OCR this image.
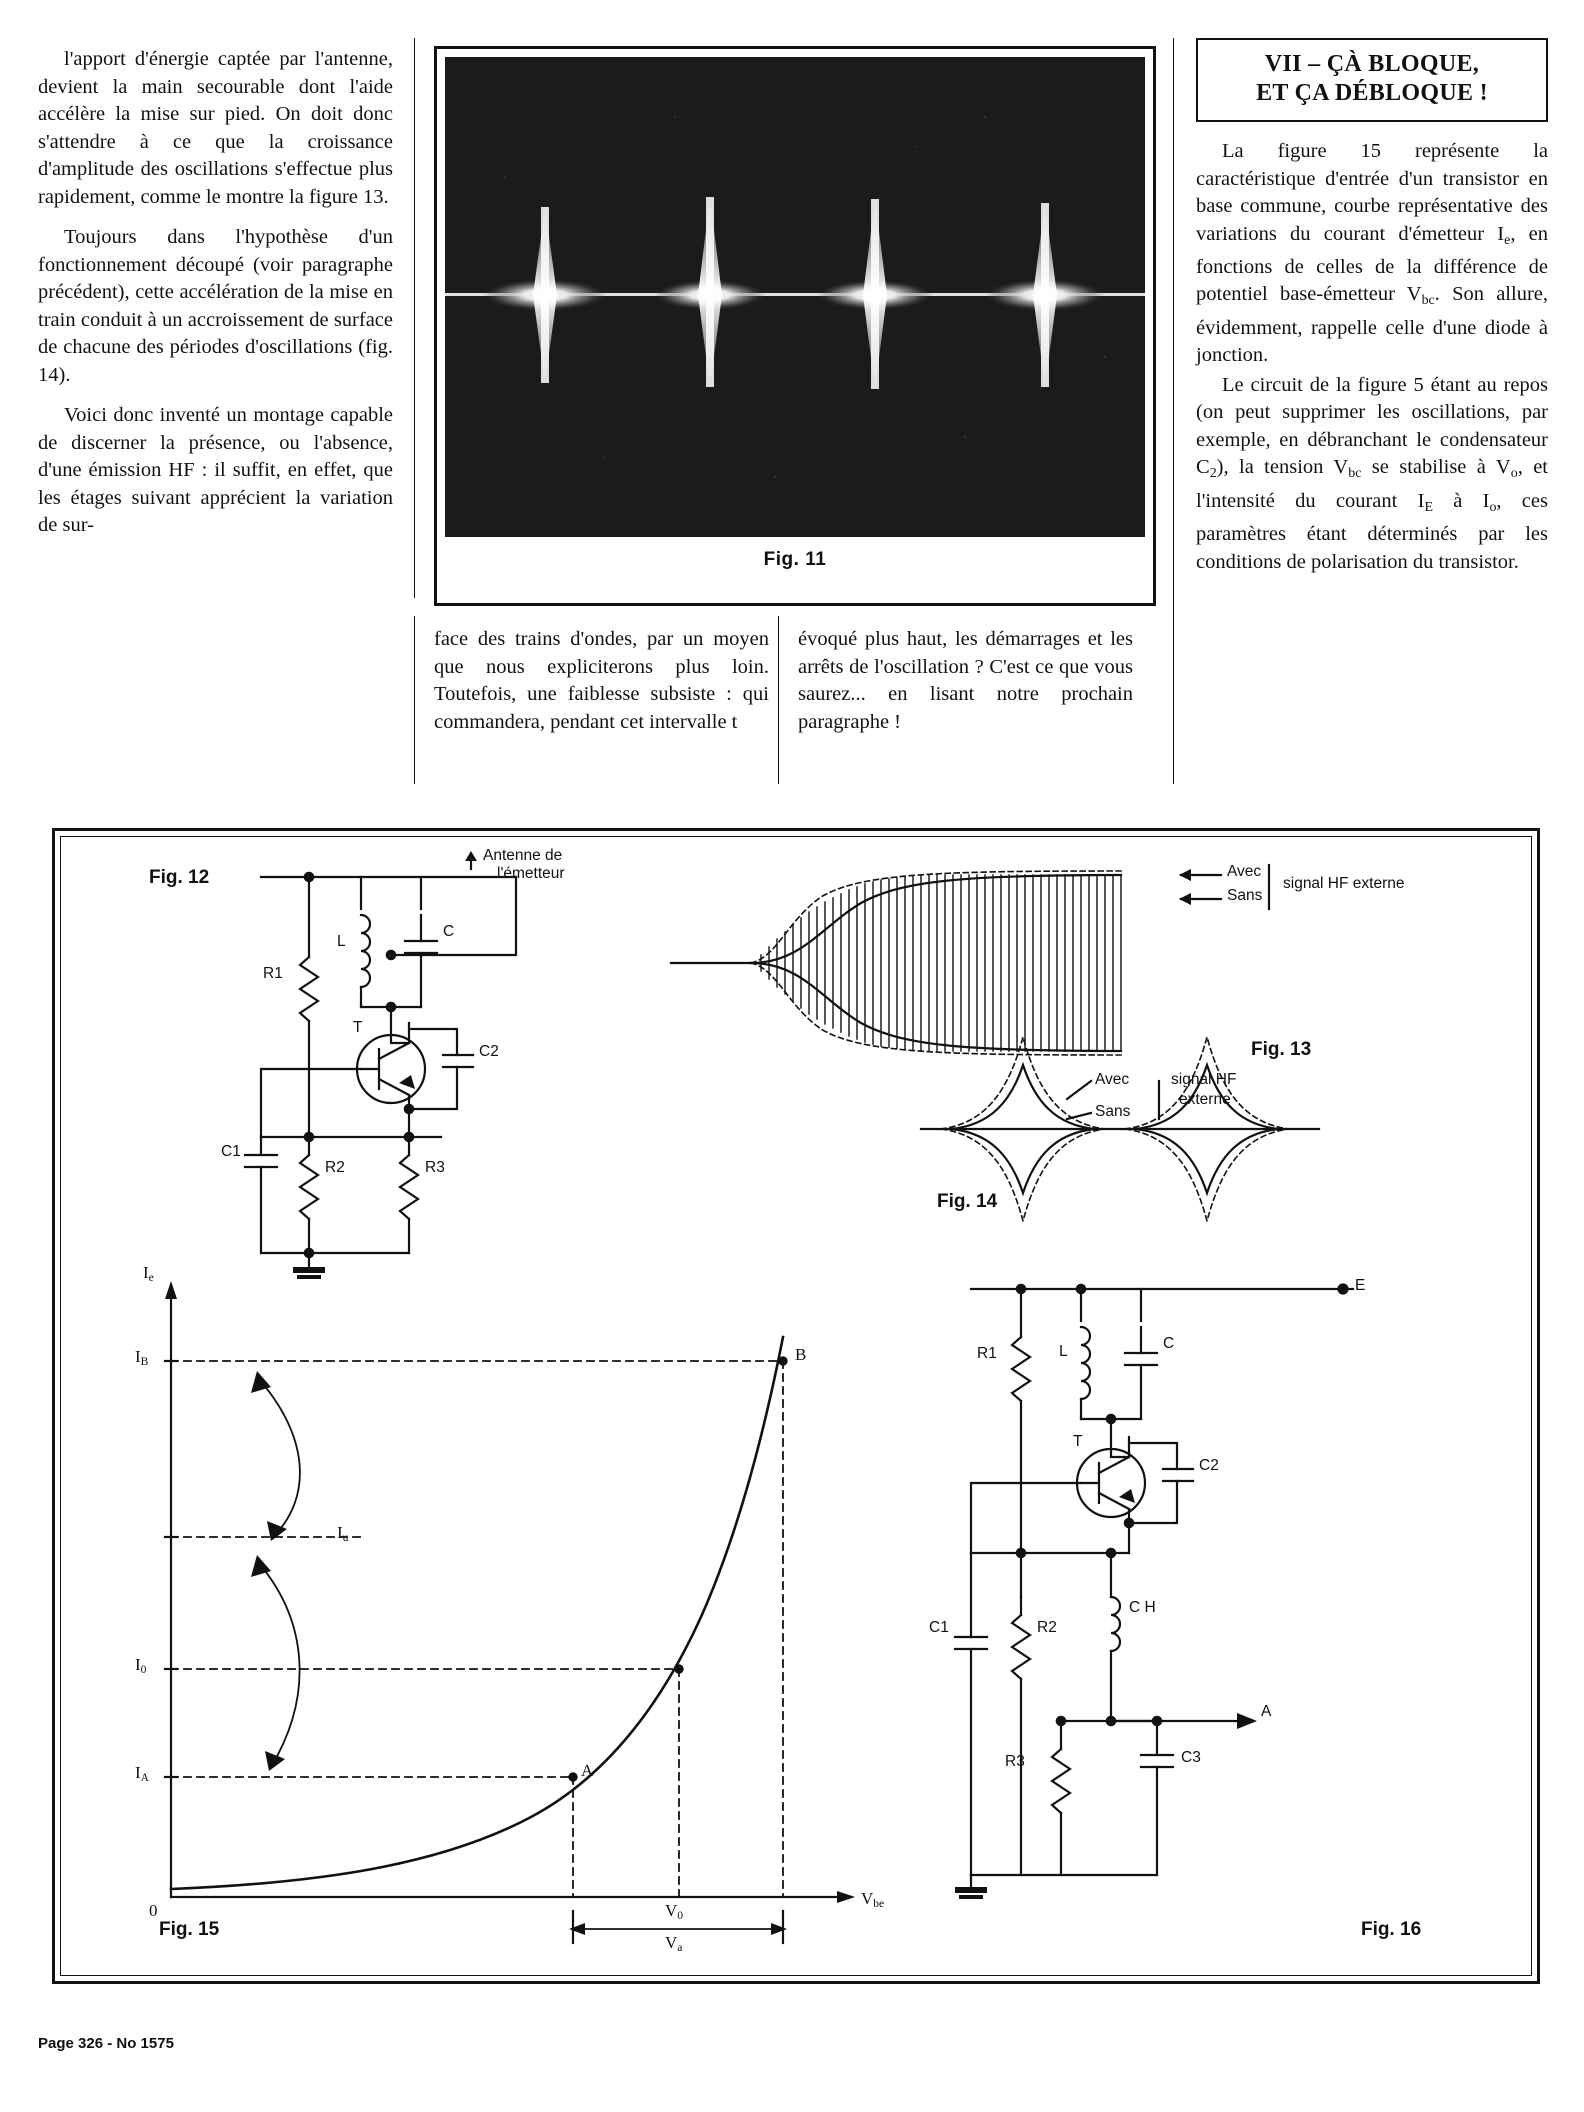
l'apport d'énergie captée par l'antenne, devient la main secourable dont l'aide accélère la mise sur pied. On doit donc s'attendre à ce que la croissance d'amplitude des oscillations s'effectue plus rapidement, comme le montre la figure 13.

Toujours dans l'hypothèse d'un fonctionnement découpé (voir paragraphe précédent), cette accélération de la mise en train conduit à un accroissement de surface de chacune des périodes d'oscillations (fig. 14).

Voici donc inventé un montage capable de discerner la présence, ou l'absence, d'une émission HF : il suffit, en effet, que les étages suivant apprécient la variation de sur-

Fig. 11

face des trains d'ondes, par un moyen que nous expliciterons plus loin. Toutefois, une faiblesse subsiste : qui commandera, pendant cet intervalle t

évoqué plus haut, les démarrages et les arrêts de l'oscillation ? C'est ce que vous saurez... en lisant notre prochain paragraphe !

VII – ÇÀ BLOQUE,
ET ÇA DÉBLOQUE !

La figure 15 représente la caractéristique d'entrée d'un transistor en base commune, courbe représentative des variations du courant d'émetteur $I_e$, en fonctions de celles de la différence de potentiel base-émetteur $V_{bc}$. Son allure, évidemment, rappelle celle d'une diode à jonction.

Le circuit de la figure 5 étant au repos (on peut supprimer les oscillations, par exemple, en débranchant le condensateur $C_2$), la tension $V_{bc}$ se stabilise à $V_o$, et l'intensité du courant $I_E$ à $I_o$, ces paramètres étant déterminés par les conditions de polarisation du transistor.

Fig. 12
R1
L
C
T
C2
C1
R2	R3
Antenne de
l'émetteur
Fig. 13
Avec
Sans
signal HF externe
Fig. 14
Avec
Sans
signal HF
externe
Fig. 15
$I_e$
$V_{be}$
0
$I_B$
$I_u$
$I_0$
$I_A$
B
A
$V_0$
$V_a$
Fig. 16
E
A
R1	L	C
T
C2
C1	R2
C H
R3	C3
Page 326 - No 1575
